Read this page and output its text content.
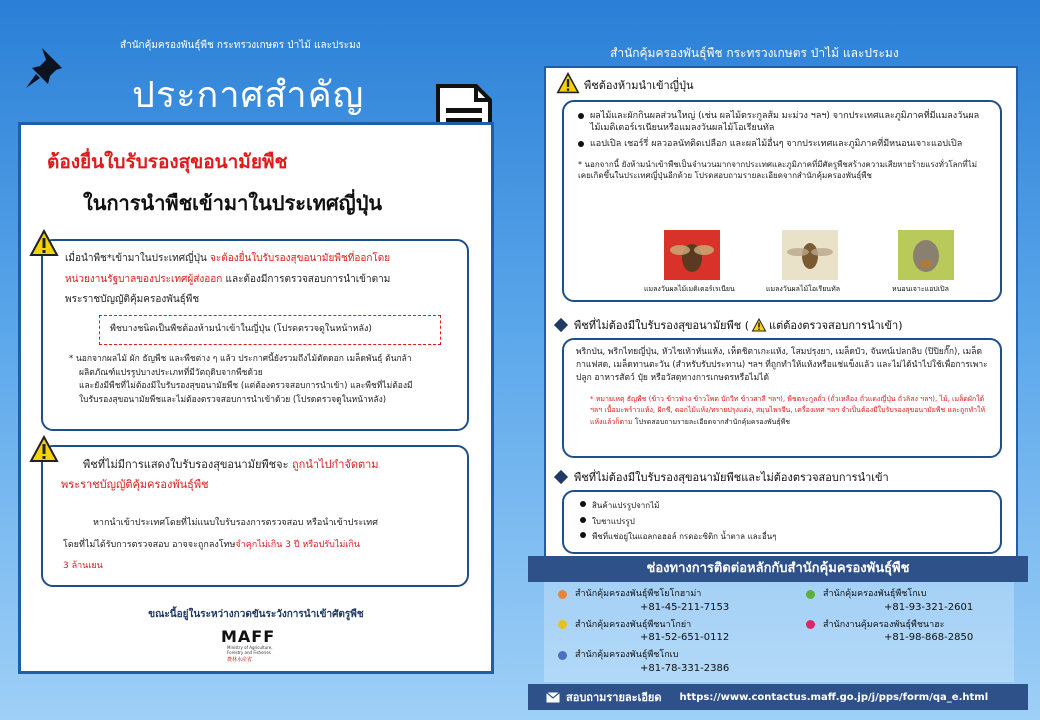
สำนักคุ้มครองพันธุ์พืช กระทรวงเกษตร ป่าไม้ และประมง
ประกาศสำคัญ
ต้องยื่นใบรับรองสุขอนามัยพืช
ในการนำพืชเข้ามาในประเทศญี่ปุ่น
เมื่อนำพืช*เข้ามาในประเทศญี่ปุ่น จะต้องยื่นใบรับรองสุขอนามัยพืชที่ออกโดย
หน่วยงานรัฐบาลของประเทศผู้ส่งออก และต้องมีการตรวจสอบการนำเข้าตาม
พระราชบัญญัติคุ้มครองพันธุ์พืช
พืชบางชนิดเป็นพืชต้องห้ามนำเข้าในญี่ปุ่น (โปรดตรวจดูในหน้าหลัง)
* นอกจากผลไม้ ผัก ธัญพืช และพืชต่าง ๆ แล้ว ประกาศนี้ยังรวมถึงไม้ตัดดอก เมล็ดพันธุ์ ต้นกล้า
ผลิตภัณฑ์แปรรูปบางประเภทที่มีวัตถุดิบจากพืชด้วย
และยังมีพืชที่ไม่ต้องมีใบรับรองสุขอนามัยพืช (แต่ต้องตรวจสอบการนำเข้า) และพืชที่ไม่ต้องมี
ใบรับรองสุขอนามัยพืชและไม่ต้องตรวจสอบการนำเข้าด้วย (โปรดตรวจดูในหน้าหลัง)
พืชที่ไม่มีการแสดงใบรับรองสุขอนามัยพืชจะ ถูกนำไปกำจัดตาม
พระราชบัญญัติคุ้มครองพันธุ์พืช
หากนำเข้าประเทศโดยที่ไม่แนบใบรับรองการตรวจสอบ หรือนำเข้าประเทศ
โดยที่ไม่ได้รับการตรวจสอบ อาจจะถูกลงโทษจำคุกไม่เกิน 3 ปี หรือปรับไม่เกิน
3 ล้านเยน
ขณะนี้อยู่ในระหว่างกวดขันระวังการนำเข้าศัตรูพืช
MAFF
Ministry of Agriculture, Forestry and Fisheries
農林水産省
สำนักคุ้มครองพันธุ์พืช กระทรวงเกษตร ป่าไม้ และประมง
พืชต้องห้ามนำเข้าญี่ปุ่น
ผลไม้และผักกินผลส่วนใหญ่ (เช่น ผลไม้ตระกูลส้ม มะม่วง ฯลฯ) จากประเทศและภูมิภาคที่มีแมลงวันผลไม้เมดิเตอร์เรเนียนหรือแมลงวันผลไม้โอเรียนทัล
แอปเปิล เชอร์รี่ ผลวอลนัทติดเปลือก และผลไม้อื่นๆ จากประเทศและภูมิภาคที่มีหนอนเจาะแอปเปิล
* นอกจากนี้ ยังห้ามนำเข้าพืชเป็นจำนวนมากจากประเทศและภูมิภาคที่มีศัตรูพืชสร้างความเสียหายร้ายแรงทั่วโลกที่ไม่เคยเกิดขึ้นในประเทศญี่ปุ่นอีกด้วย โปรดสอบถามรายละเอียดจากสำนักคุ้มครองพันธุ์พืช
แมลงวันผลไม้เมดิเตอร์เรเนียน	แมลงวันผลไม้โอเรียนทัล	หนอนเจาะแอปเปิล
พืชที่ไม่ต้องมีใบรับรองสุขอนามัยพืช ( แต่ต้องตรวจสอบการนำเข้า)
พริกป่น, พริกไทยญี่ปุ่น, หัวไชเท้าหั่นแห้ง, เห็ดชิตาเกะแห้ง, โสมปรุงยา, เมล็ดบัว, จันทน์เปลกลิบ (ปิปิยกั๊ก), เมล็ดกาแฟสด, เมล็ดทานตะวัน (สำหรับรับประทาน) ฯลฯ ที่ถูกทำให้แห้งหรือแช่แข็งแล้ว และไม่ได้นำไปใช้เพื่อการเพาะปลูก อาหารสัตว์ ปุ๋ย หรือวัสดุทางการเกษตรหรือไม่ได้
* หมายเหตุ ธัญพืช (ข้าว ข้าวฟ่าง ข้าวโพด บักวีท ข้าวสาลี ฯลฯ), พืชตระกูลถั่ว (ถั่วเหลือง ถั่วแดงญี่ปุ่น ถั่วลิสง ฯลฯ), ไม้, เมล็ดผักใต้ ฯลฯ เนื้อมะพร้าวแห้ง, ฝักชี, ดอกไม้แห้ง/ทรายปรุงแต่ง, สมุนไพรจีน, เครื่องเทศ ฯลฯ จำเป็นต้องมีใบรับรองสุขอนามัยพืช และถูกทำให้แห้งแล้วก็ตาม โปรดสอบถามรายละเอียดจากสำนักคุ้มครองพันธุ์พืช
พืชที่ไม่ต้องมีใบรับรองสุขอนามัยพืชและไม่ต้องตรวจสอบการนำเข้า
สินค้าแปรรูปจากไม้
ใบชาแปรรูป
พืชที่แช่อยู่ในแอลกอฮอล์ กรดอะซิติก น้ำตาล และอื่นๆ
ช่องทางการติดต่อหลักกับสำนักคุ้มครองพันธุ์พืช
สำนักคุ้มครองพันธุ์พืชโยโกฮาม่า
+81-45-211-7153
สำนักคุ้มครองพันธุ์พืชนาโกย่า
+81-52-651-0112
สำนักคุ้มครองพันธุ์พืชโกเบ
+81-78-331-2386
สำนักคุ้มครองพันธุ์พืชโกเบ
+81-93-321-2601
สำนักงานคุ้มครองพันธุ์พืชนาฮะ
+81-98-868-2850
สอบถามรายละเอียด https://www.contactus.maff.go.jp/j/pps/form/qa_e.html
